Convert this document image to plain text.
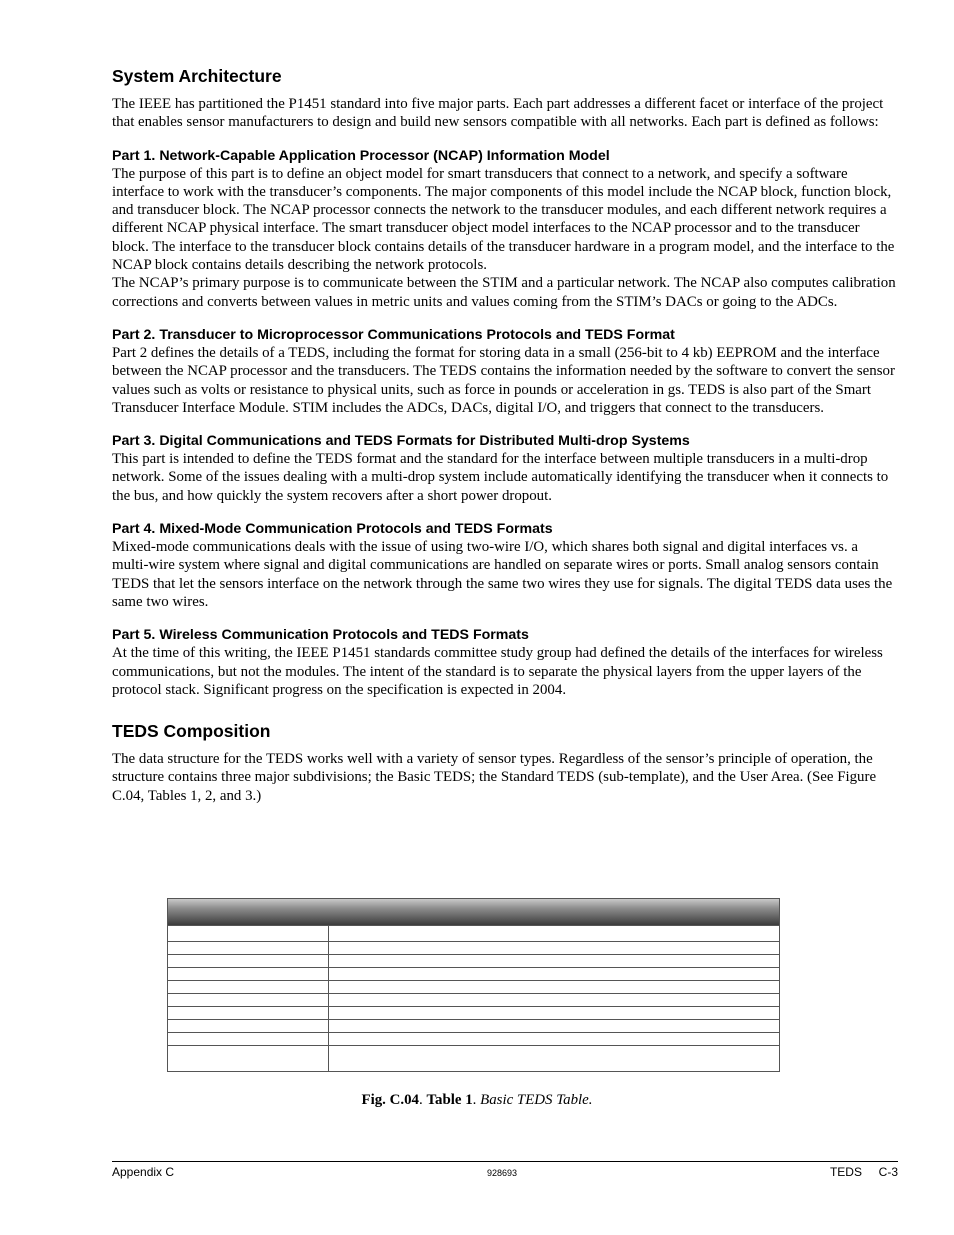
System Architecture

The IEEE has partitioned the P1451 standard into five major parts. Each part addresses a different facet or interface of the project that enables sensor manufacturers to design and build new sensors compatible with all networks. Each part is defined as follows:

Part 1. Network-Capable Application Processor (NCAP) Information Model

The purpose of this part is to define an object model for smart transducers that connect to a network, and specify a software interface to work with the transducer’s components. The major components of this model include the NCAP block, function block, and transducer block. The NCAP processor connects the network to the transducer modules, and each different network requires a different NCAP physical interface. The smart transducer object model interfaces to the NCAP processor and to the transducer block. The interface to the transducer block contains details of the transducer hardware in a program model, and the interface to the NCAP block contains details describing the network protocols.

The NCAP’s primary purpose is to communicate between the STIM and a particular network. The NCAP also computes calibration corrections and converts between values in metric units and values coming from the STIM’s DACs or going to the ADCs.

Part 2. Transducer to Microprocessor Communications Protocols and TEDS Format

Part 2 defines the details of a TEDS, including the format for storing data in a small (256-bit to 4 kb) EEPROM and the interface between the NCAP processor and the transducers. The TEDS contains the information needed by the software to convert the sensor values such as volts or resistance to physical units, such as force in pounds or acceleration in gs. TEDS is also part of the Smart Transducer Interface Module. STIM includes the ADCs, DACs, digital I/O, and triggers that connect to the transducers.

Part 3. Digital Communications and TEDS Formats for Distributed Multi-drop Systems

This part is intended to define the TEDS format and the standard for the interface between multiple transducers in a multi-drop network. Some of the issues dealing with a multi-drop system include automatically identifying the transducer when it connects to the bus, and how quickly the system recovers after a short power dropout.

Part 4. Mixed-Mode Communication Protocols and TEDS Formats

Mixed-mode communications deals with the issue of using two-wire I/O, which shares both signal and digital interfaces vs. a multi-wire system where signal and digital communications are handled on separate wires or ports. Small analog sensors contain TEDS that let the sensors interface on the network through the same two wires they use for signals. The digital TEDS data uses the same two wires.

Part 5. Wireless Communication Protocols and TEDS Formats

At the time of this writing, the IEEE P1451 standards committee study group had defined the details of the interfaces for wireless communications, but not the modules. The intent of the standard is to separate the physical layers from the upper layers of the protocol stack. Significant progress on the specification is expected in 2004.

TEDS Composition

The data structure for the TEDS works well with a variety of sensor types. Regardless of the sensor’s principle of operation, the structure contains three major subdivisions; the Basic TEDS; the Standard TEDS (sub-template), and the User Area. (See Figure C.04, Tables 1, 2, and 3.)

Fig. C.04. Table 1. Basic TEDS Table.
Appendix C	928693	TEDS C-3
